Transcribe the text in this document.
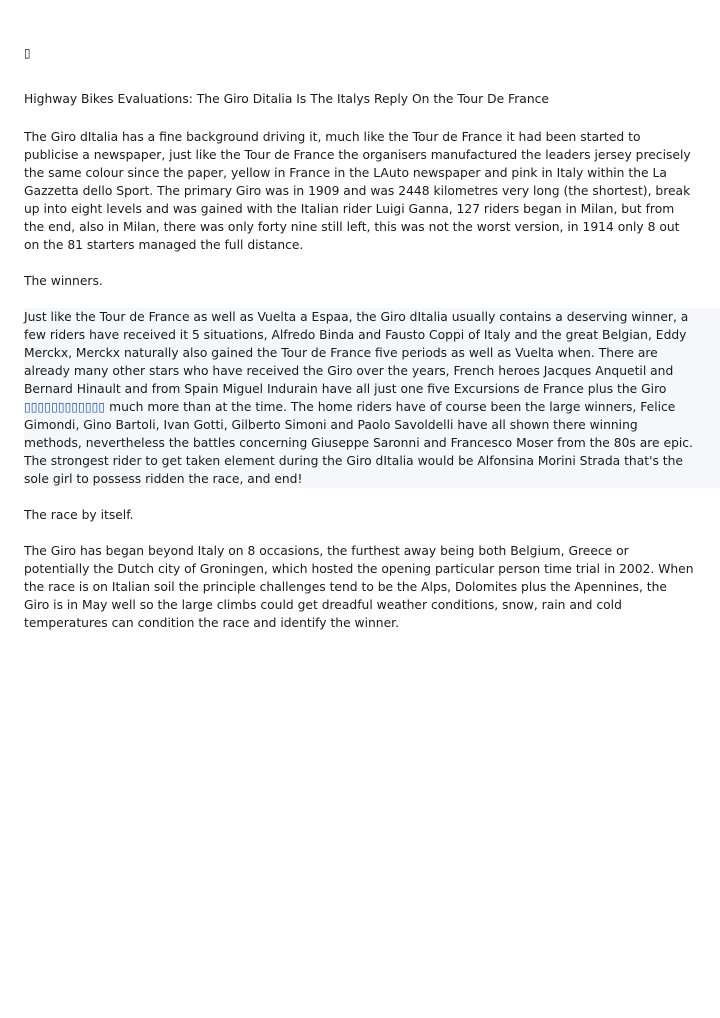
▯

Highway Bikes Evaluations: The Giro Ditalia Is The Italys Reply On the Tour De France

The Giro dItalia has a fine background driving it, much like the Tour de France it had been started to publicise a newspaper, just like the Tour de France the organisers manufactured the leaders jersey precisely the same colour since the paper, yellow in France in the LAuto newspaper and pink in Italy within the La Gazzetta dello Sport. The primary Giro was in 1909 and was 2448 kilometres very long (the shortest), break up into eight levels and was gained with the Italian rider Luigi Ganna, 127 riders began in Milan, but from the end, also in Milan, there was only forty nine still left, this was not the worst version, in 1914 only 8 out on the 81 starters managed the full distance.

The winners.

Just like the Tour de France as well as Vuelta a Espaa, the Giro dItalia usually contains a deserving winner, a few riders have received it 5 situations, Alfredo Binda and Fausto Coppi of Italy and the great Belgian, Eddy Merckx, Merckx naturally also gained the Tour de France five periods as well as Vuelta when. There are already many other stars who have received the Giro over the years, French heroes Jacques Anquetil and Bernard Hinault and from Spain Miguel Indurain have all just one five Excursions de France plus the Giro ▯▯▯▯▯▯▯▯▯▯▯▯ much more than at the time. The home riders have of course been the large winners, Felice Gimondi, Gino Bartoli, Ivan Gotti, Gilberto Simoni and Paolo Savoldelli have all shown there winning methods, nevertheless the battles concerning Giuseppe Saronni and Francesco Moser from the 80s are epic. The strongest rider to get taken element during the Giro dItalia would be Alfonsina Morini Strada that's the sole girl to possess ridden the race, and end!

The race by itself.

The Giro has began beyond Italy on 8 occasions, the furthest away being both Belgium, Greece or potentially the Dutch city of Groningen, which hosted the opening particular person time trial in 2002. When the race is on Italian soil the principle challenges tend to be the Alps, Dolomites plus the Apennines, the Giro is in May well so the large climbs could get dreadful weather conditions, snow, rain and cold temperatures can condition the race and identify the winner.
